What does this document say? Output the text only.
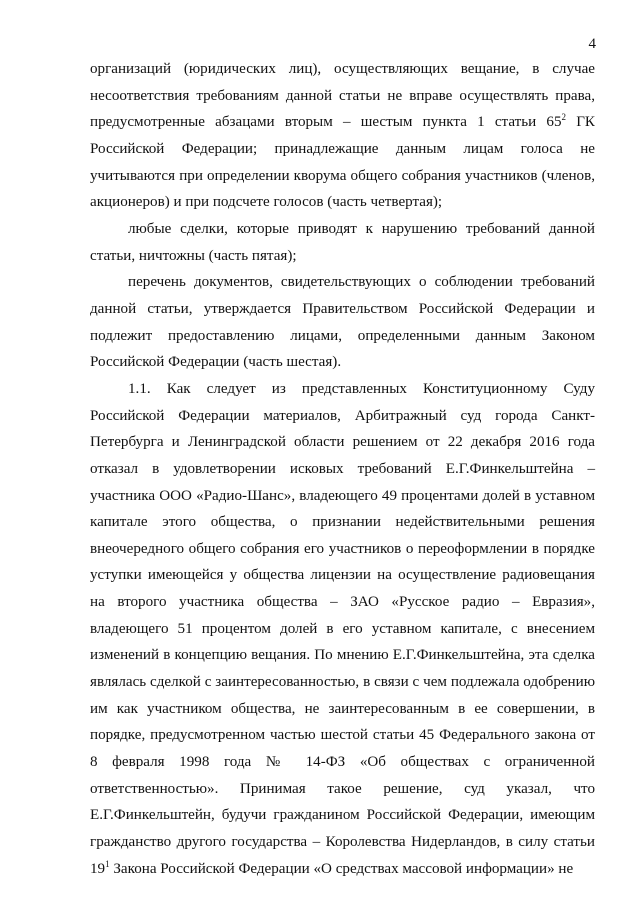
4

организаций (юридических лиц), осуществляющих вещание, в случае несоответствия требованиям данной статьи не вправе осуществлять права, предусмотренные абзацами вторым – шестым пункта 1 статьи $65^2$ ГК Российской Федерации; принадлежащие данным лицам голоса не учитываются при определении кворума общего собрания участников (членов, акционеров) и при подсчете голосов (часть четвертая);

любые сделки, которые приводят к нарушению требований данной статьи, ничтожны (часть пятая);

перечень документов, свидетельствующих о соблюдении требований данной статьи, утверждается Правительством Российской Федерации и подлежит предоставлению лицами, определенными данным Законом Российской Федерации (часть шестая).

1.1. Как следует из представленных Конституционному Суду Российской Федерации материалов, Арбитражный суд города Санкт-Петербурга и Ленинградской области решением от 22 декабря 2016 года отказал в удовлетворении исковых требований Е.Г.Финкельштейна – участника ООО «Радио-Шанс», владеющего 49 процентами долей в уставном капитале этого общества, о признании недействительными решения внеочередного общего собрания его участников о переоформлении в порядке уступки имеющейся у общества лицензии на осуществление радиовещания на второго участника общества – ЗАО «Русское радио – Евразия», владеющего 51 процентом долей в его уставном капитале, с внесением изменений в концепцию вещания. По мнению Е.Г.Финкельштейна, эта сделка являлась сделкой с заинтересованностью, в связи с чем подлежала одобрению им как участником общества, не заинтересованным в ее совершении, в порядке, предусмотренном частью шестой статьи 45 Федерального закона от 8 февраля 1998 года № 14-ФЗ «Об обществах с ограниченной ответственностью». Принимая такое решение, суд указал, что Е.Г.Финкельштейн, будучи гражданином Российской Федерации, имеющим гражданство другого государства – Королевства Нидерландов, в силу статьи $19^1$ Закона Российской Федерации «О средствах массовой информации» не
